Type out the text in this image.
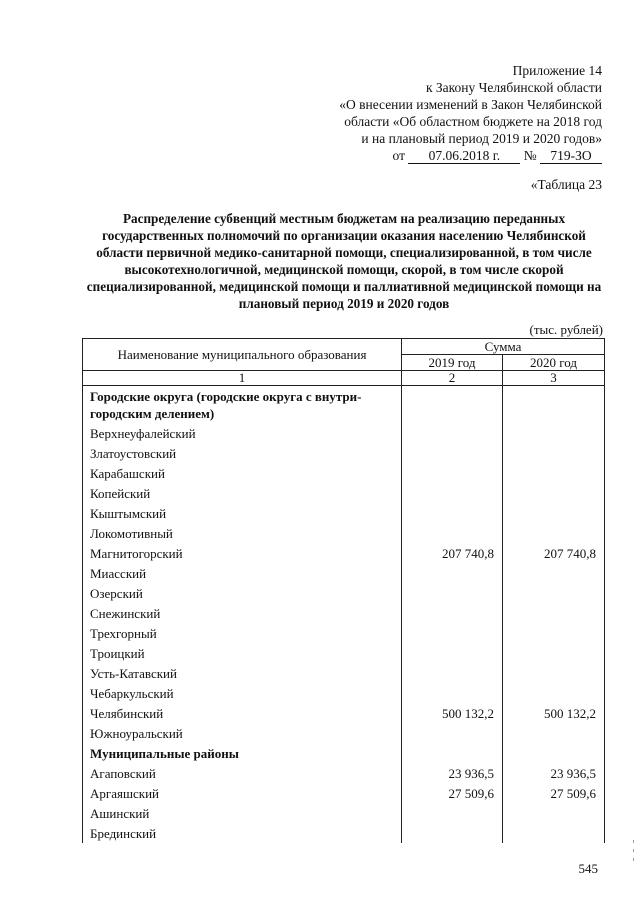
Приложение 14
к Закону Челябинской области
«О внесении изменений в Закон Челябинской
области «Об областном бюджете на 2018 год
и на плановый период 2019 и 2020 годов»
от 07.06.2018 г. № 719-ЗО
«Таблица 23
Распределение субвенций местным бюджетам на реализацию переданных государственных полномочий по организации оказания населению Челябинской области первичной медико-санитарной помощи, специализированной, в том числе высокотехнологичной, медицинской помощи, скорой, в том числе скорой специализированной, медицинской помощи и паллиативной медицинской помощи на плановый период 2019 и 2020 годов
(тыс. рублей)
Наименование муниципального образования	Сумма	
	2019 год	2020 год
1	2	3
Городские округа (городские округа с внутри-городским делением)		
Верхнеуфалейский		
Златоустовский		
Карабашский		
Копейский		
Кыштымский		
Локомотивный		
Магнитогорский	207 740,8	207 740,8
Миасский		
Озерский		
Снежинский		
Трехгорный		
Троицкий		
Усть-Катавский		
Чебаркульский		
Челябинский	500 132,2	500 132,2
Южноуральский		
Муниципальные районы		
Агаповский	23 936,5	23 936,5
Аргаяшский	27 509,6	27 509,6
Ашинский		
Брединский		
545
